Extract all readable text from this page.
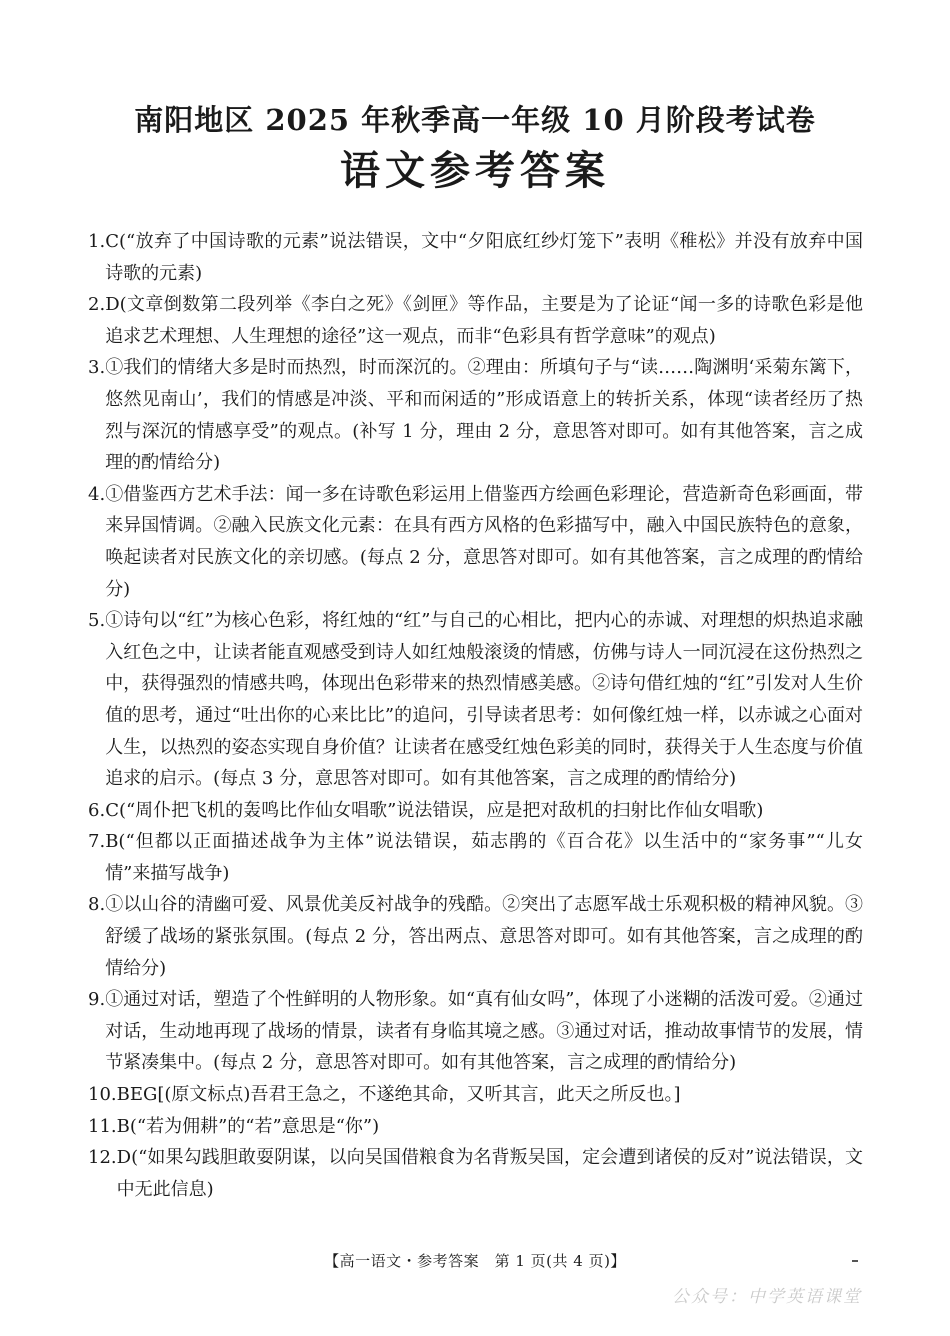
南阳地区 2025 年秋季高一年级 10 月阶段考试卷
语文参考答案
1. C(“放弃了中国诗歌的元素”说法错误，文中“夕阳底红纱灯笼下”表明《稚松》并没有放弃中国诗歌的元素)
2. D(文章倒数第二段列举《李白之死》《剑匣》等作品，主要是为了论证“闻一多的诗歌色彩是他追求艺术理想、人生理想的途径”这一观点，而非“色彩具有哲学意味”的观点)
3. ①我们的情绪大多是时而热烈，时而深沉的。②理由：所填句子与“读……陶渊明‘采菊东篱下，悠然见南山’，我们的情感是冲淡、平和而闲适的”形成语意上的转折关系，体现“读者经历了热烈与深沉的情感享受”的观点。(补写 1 分，理由 2 分，意思答对即可。如有其他答案，言之成理的酌情给分)
4. ①借鉴西方艺术手法：闻一多在诗歌色彩运用上借鉴西方绘画色彩理论，营造新奇色彩画面，带来异国情调。②融入民族文化元素：在具有西方风格的色彩描写中，融入中国民族特色的意象，唤起读者对民族文化的亲切感。(每点 2 分，意思答对即可。如有其他答案，言之成理的酌情给分)
5. ①诗句以“红”为核心色彩，将红烛的“红”与自己的心相比，把内心的赤诚、对理想的炽热追求融入红色之中，让读者能直观感受到诗人如红烛般滚烫的情感，仿佛与诗人一同沉浸在这份热烈之中，获得强烈的情感共鸣，体现出色彩带来的热烈情感美感。②诗句借红烛的“红”引发对人生价值的思考，通过“吐出你的心来比比”的追问，引导读者思考：如何像红烛一样，以赤诚之心面对人生，以热烈的姿态实现自身价值？让读者在感受红烛色彩美的同时，获得关于人生态度与价值追求的启示。(每点 3 分，意思答对即可。如有其他答案，言之成理的酌情给分)
6. C(“周仆把飞机的轰鸣比作仙女唱歌”说法错误，应是把对敌机的扫射比作仙女唱歌)
7. B(“但都以正面描述战争为主体”说法错误，茹志鹃的《百合花》以生活中的“家务事”“儿女情”来描写战争)
8. ①以山谷的清幽可爱、风景优美反衬战争的残酷。②突出了志愿军战士乐观积极的精神风貌。③舒缓了战场的紧张氛围。(每点 2 分，答出两点、意思答对即可。如有其他答案，言之成理的酌情给分)
9. ①通过对话，塑造了个性鲜明的人物形象。如“真有仙女吗”，体现了小迷糊的活泼可爱。②通过对话，生动地再现了战场的情景，读者有身临其境之感。③通过对话，推动故事情节的发展，情节紧凑集中。(每点 2 分，意思答对即可。如有其他答案，言之成理的酌情给分)
10. BEG[(原文标点)吾君王急之，不遂绝其命，又听其言，此天之所反也。]
11. B(“若为佣耕”的“若”意思是“你”)
12. D(“如果勾践胆敢耍阴谋，以向吴国借粮食为名背叛吴国，定会遭到诸侯的反对”说法错误，文中无此信息)
【高一语文・参考答案　第 1 页(共 4 页)】
公众号：中学英语课堂
